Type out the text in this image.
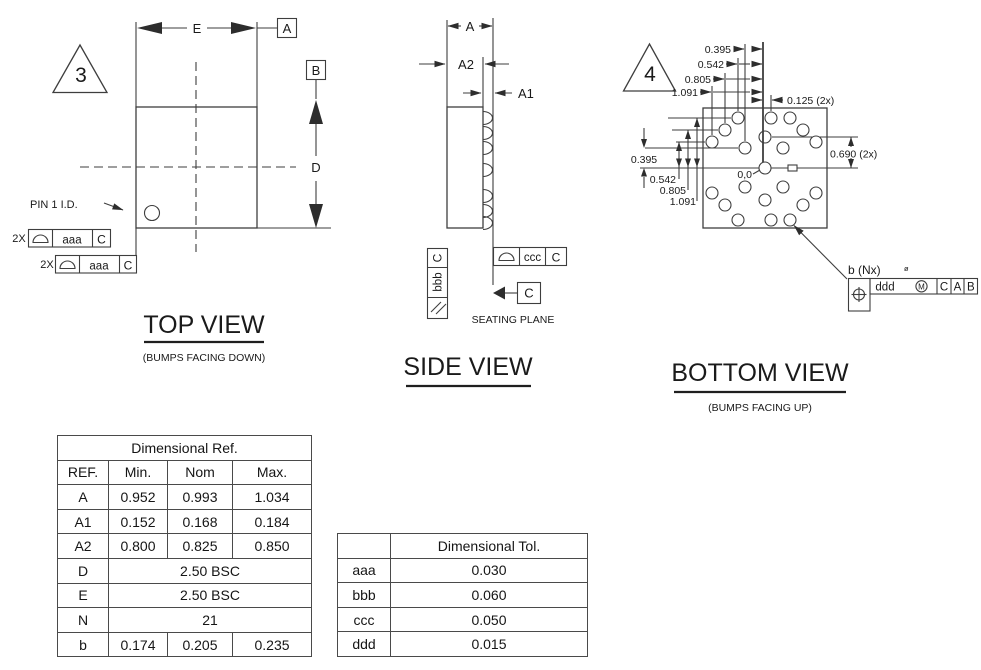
3
E	A
B
D
PIN 1 I.D.
2X	aaa C
2X	aaa C
TOP VIEW
(BUMPS FACING DOWN)
A
A2
A1
C
bbb
ccc C
C
SEATING PLANE
SIDE VIEW
4
0.395
0.542
0.805
1.091
0.125 (2x)
0.395
0.542
0.805
1.091
0.690 (2x)
0,0
b (Nx)	ø
ddd	M C A B
BOTTOM VIEW
(BUMPS FACING UP)
Dimensional Ref.			
REF.	Min.	Nom	Max.
A	0.952	0.993	1.034
A1	0.152	0.168	0.184
A2	0.800	0.825	0.850
D	2.50 BSC		
E	2.50 BSC		
N	21		
b	0.174	0.205	0.235
	Dimensional Tol.
aaa	0.030
bbb	0.060
ccc	0.050
ddd	0.015
